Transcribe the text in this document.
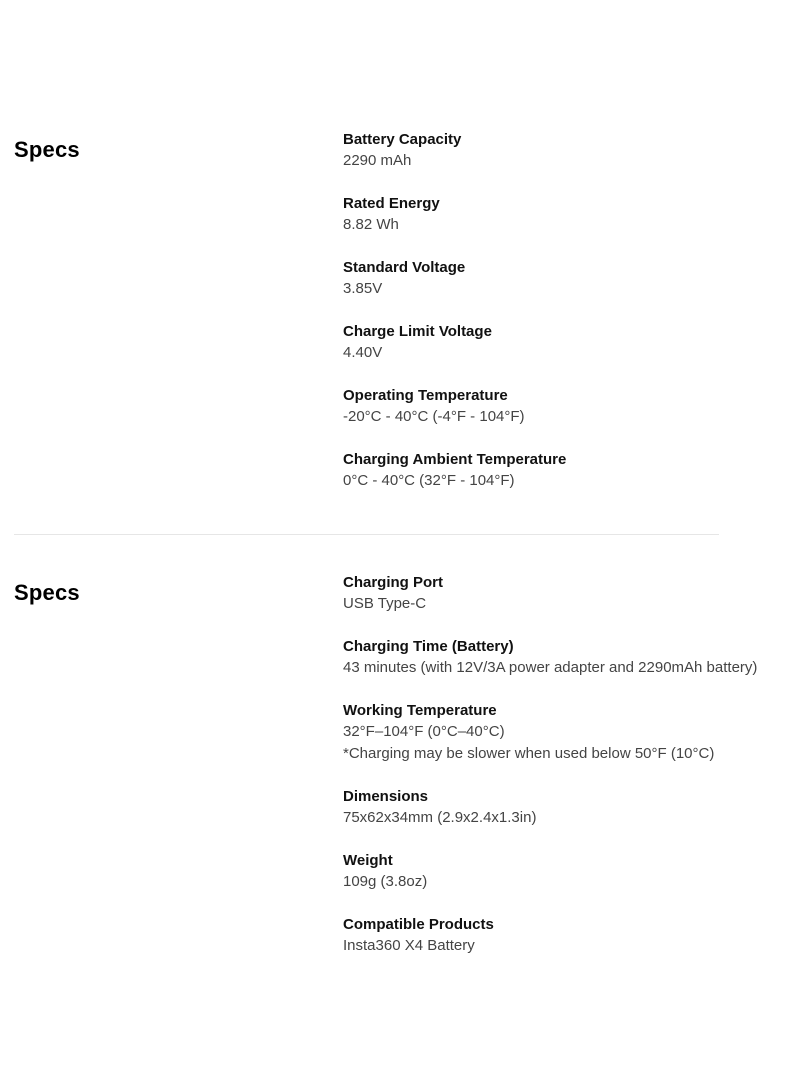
Specs	Battery Capacity
2290 mAh
Rated Energy
8.82 Wh
Standard Voltage
3.85V
Charge Limit Voltage
4.40V
Operating Temperature
-20°C - 40°C (-4°F - 104°F)
Charging Ambient Temperature
0°C - 40°C (32°F - 104°F)
Specs	Charging Port
USB Type-C
Charging Time (Battery)
43 minutes (with 12V/3A power adapter and 2290mAh battery)
Working Temperature
32°F–104°F (0°C–40°C)
*Charging may be slower when used below 50°F (10°C)
Dimensions
75x62x34mm (2.9x2.4x1.3in)
Weight
109g (3.8oz)
Compatible Products
Insta360 X4 Battery
